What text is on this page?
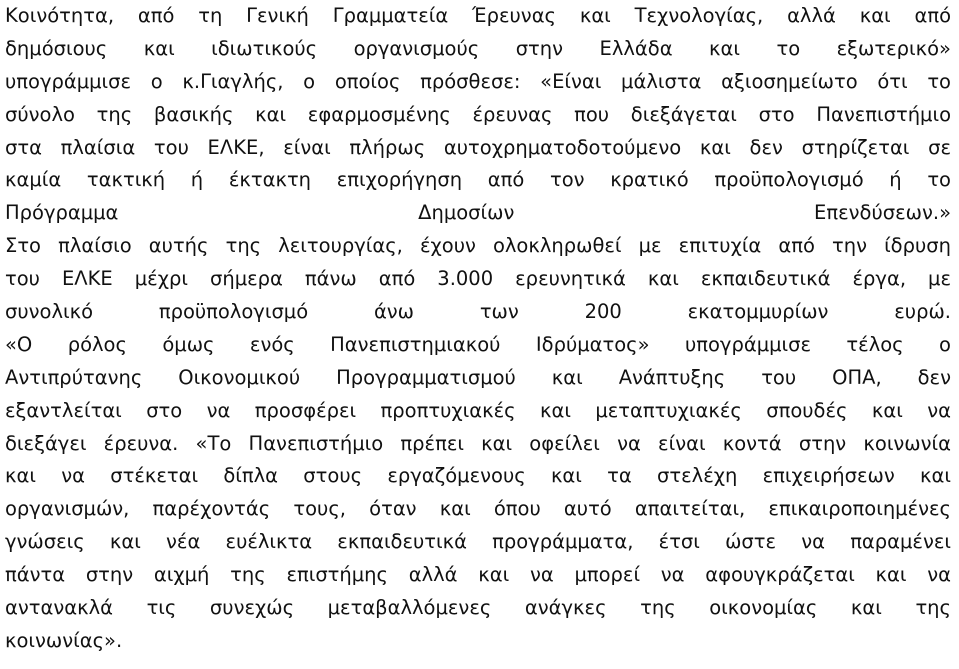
Κοινότητα, από τη Γενική Γραμματεία Έρευνας και Τεχνολογίας, αλλά και από
δημόσιους και ιδιωτικούς οργανισμούς στην Ελλάδα και το εξωτερικό»
υπογράμμισε ο κ.Γιαγλής, ο οποίος πρόσθεσε: «Είναι μάλιστα αξιοσημείωτο ότι το
σύνολο της βασικής και εφαρμοσμένης έρευνας που διεξάγεται στο Πανεπιστήμιο
στα πλαίσια του ΕΛΚΕ, είναι πλήρως αυτοχρηματοδοτούμενο και δεν στηρίζεται σε
καμία τακτική ή έκτακτη επιχορήγηση από τον κρατικό προϋπολογισμό ή το
Πρόγραμμα Δημοσίων Επενδύσεων.»
Στο πλαίσιο αυτής της λειτουργίας, έχουν ολοκληρωθεί με επιτυχία από την ίδρυση
του ΕΛΚΕ μέχρι σήμερα πάνω από 3.000 ερευνητικά και εκπαιδευτικά έργα, με
συνολικό προϋπολογισμό άνω των 200 εκατομμυρίων ευρώ.
«Ο ρόλος όμως ενός Πανεπιστημιακού Ιδρύματος» υπογράμμισε τέλος ο
Αντιπρύτανης Οικονομικού Προγραμματισμού και Ανάπτυξης του ΟΠΑ, δεν
εξαντλείται στο να προσφέρει προπτυχιακές και μεταπτυχιακές σπουδές και να
διεξάγει έρευνα. «Το Πανεπιστήμιο πρέπει και οφείλει να είναι κοντά στην κοινωνία
και να στέκεται δίπλα στους εργαζόμενους και τα στελέχη επιχειρήσεων και
οργανισμών, παρέχοντάς τους, όταν και όπου αυτό απαιτείται, επικαιροποιημένες
γνώσεις και νέα ευέλικτα εκπαιδευτικά προγράμματα, έτσι ώστε να παραμένει
πάντα στην αιχμή της επιστήμης αλλά και να μπορεί να αφουγκράζεται και να
αντανακλά τις συνεχώς μεταβαλλόμενες ανάγκες της οικονομίας και της
κοινωνίας».
